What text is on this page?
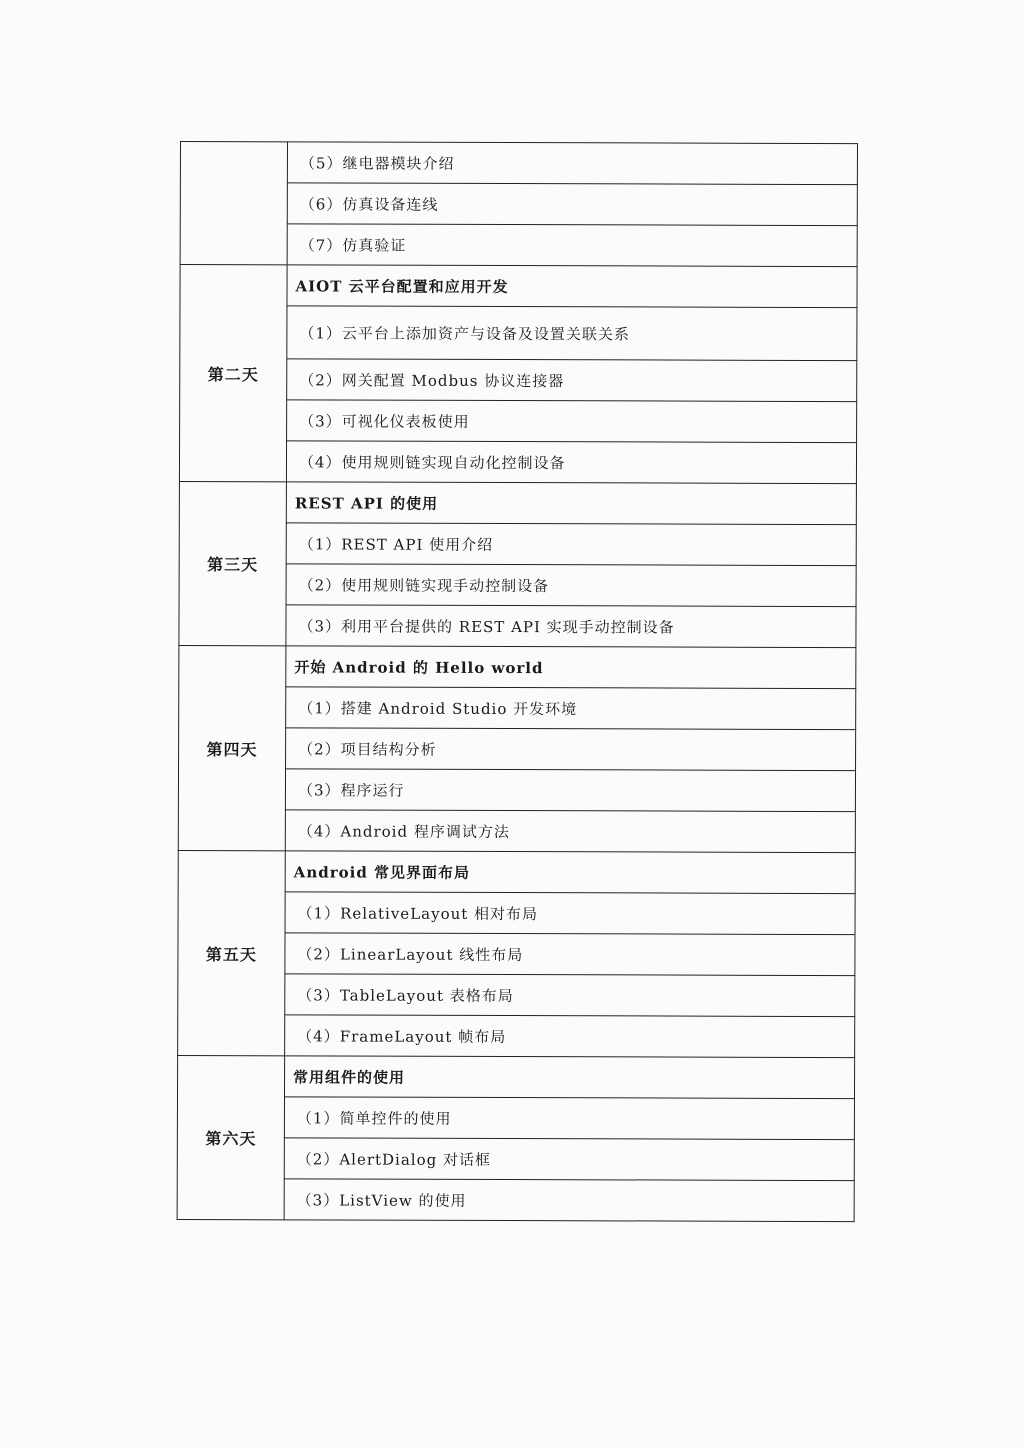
	（5）继电器模块介绍
	（6）仿真设备连线
	（7）仿真验证
第二天	AIOT 云平台配置和应用开发
	（1）云平台上添加资产与设备及设置关联关系
	（2）网关配置 Modbus 协议连接器
	（3）可视化仪表板使用
	（4）使用规则链实现自动化控制设备
第三天	REST API 的使用
	（1）REST API 使用介绍
	（2）使用规则链实现手动控制设备
	（3）利用平台提供的 REST API 实现手动控制设备
第四天	开始 Android 的 Hello world
	（1）搭建 Android Studio 开发环境
	（2）项目结构分析
	（3）程序运行
	（4）Android 程序调试方法
第五天	Android 常见界面布局
	（1）RelativeLayout 相对布局
	（2）LinearLayout 线性布局
	（3）TableLayout 表格布局
	（4）FrameLayout 帧布局
第六天	常用组件的使用
	（1）简单控件的使用
	（2）AlertDialog 对话框
	（3）ListView 的使用
